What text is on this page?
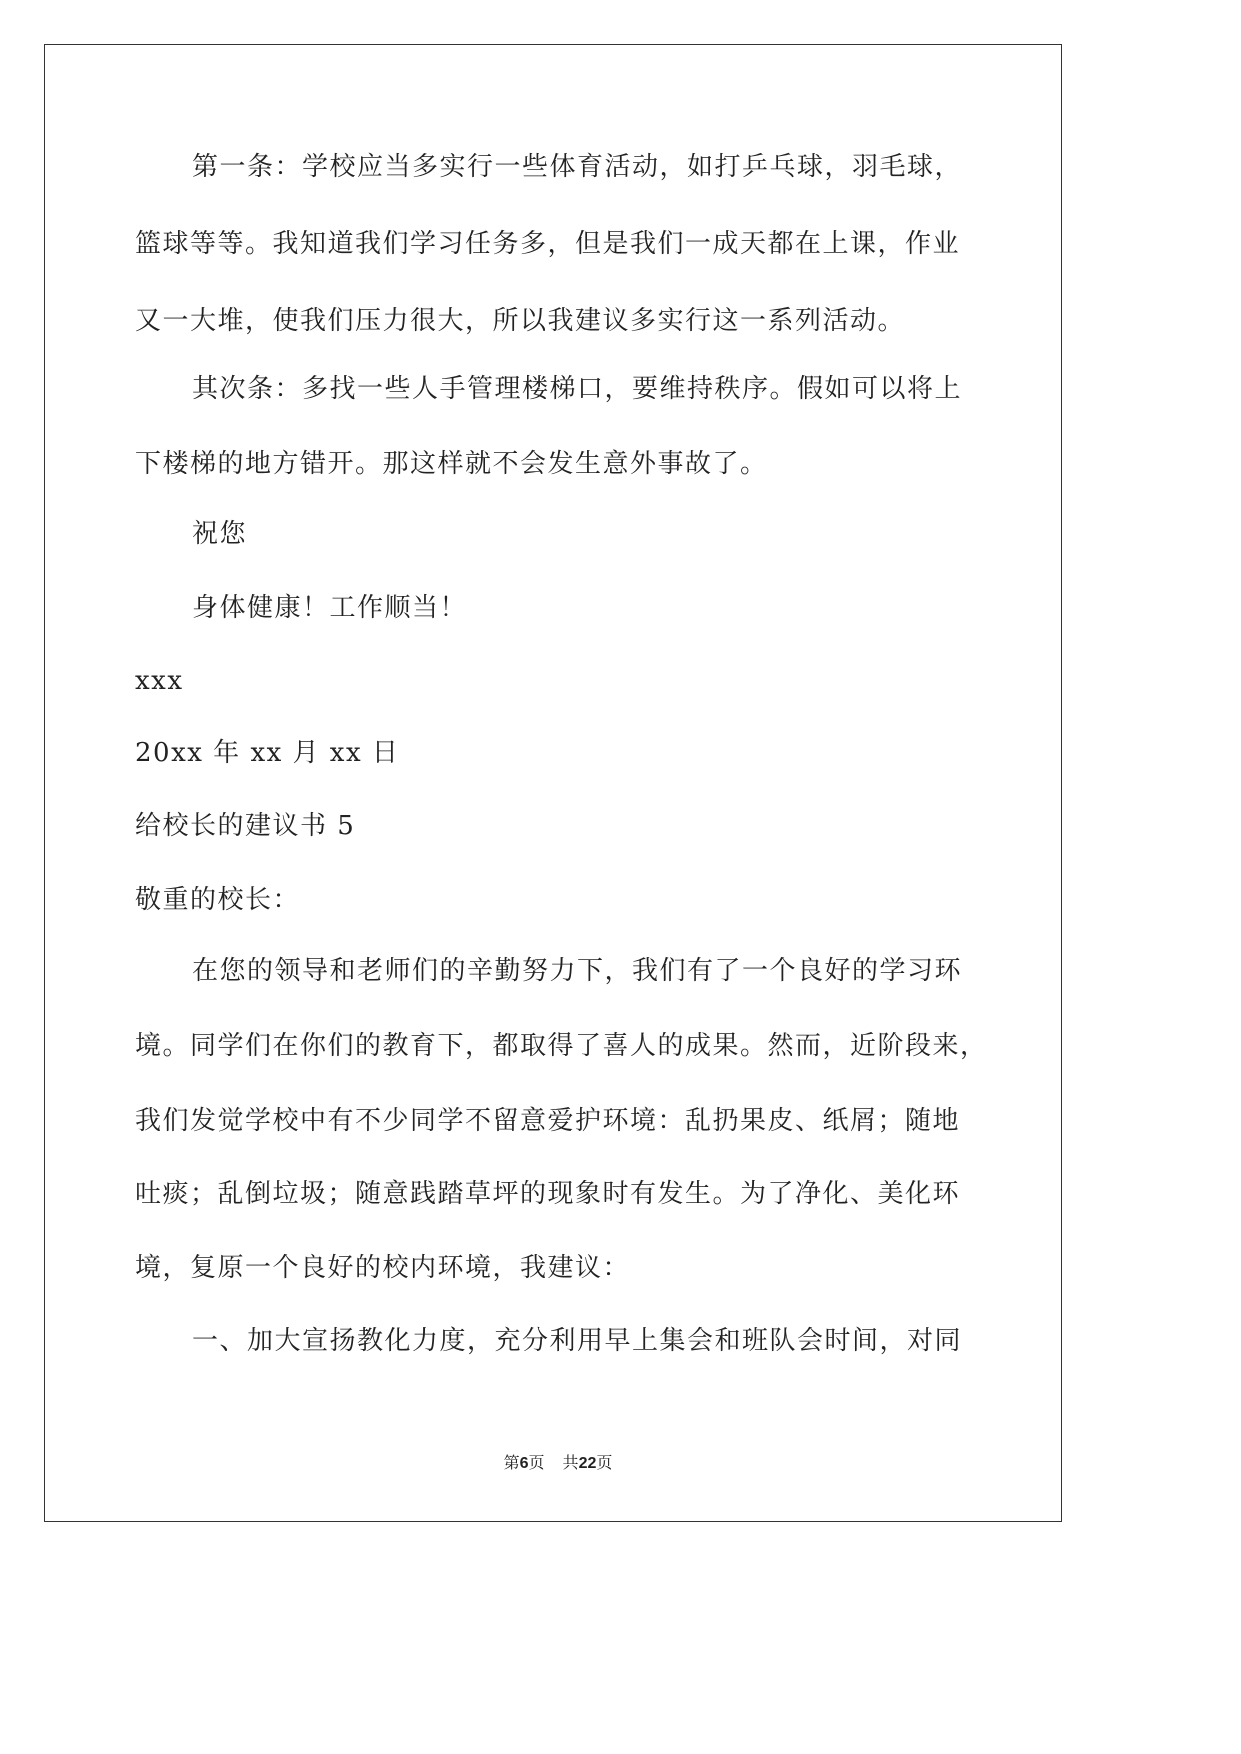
第一条：学校应当多实行一些体育活动，如打乒乓球，羽毛球，
篮球等等。我知道我们学习任务多，但是我们一成天都在上课，作业
又一大堆，使我们压力很大，所以我建议多实行这一系列活动。
其次条：多找一些人手管理楼梯口，要维持秩序。假如可以将上
下楼梯的地方错开。那这样就不会发生意外事故了。
祝您
身体健康！工作顺当！
xxx
20xx 年 xx 月 xx 日
给校长的建议书 5
敬重的校长：
在您的领导和老师们的辛勤努力下，我们有了一个良好的学习环
境。同学们在你们的教育下，都取得了喜人的成果。然而，近阶段来，
我们发觉学校中有不少同学不留意爱护环境：乱扔果皮、纸屑；随地
吐痰；乱倒垃圾；随意践踏草坪的现象时有发生。为了净化、美化环
境，复原一个良好的校内环境，我建议：
一、加大宣扬教化力度，充分利用早上集会和班队会时间，对同
第6页 共22页
